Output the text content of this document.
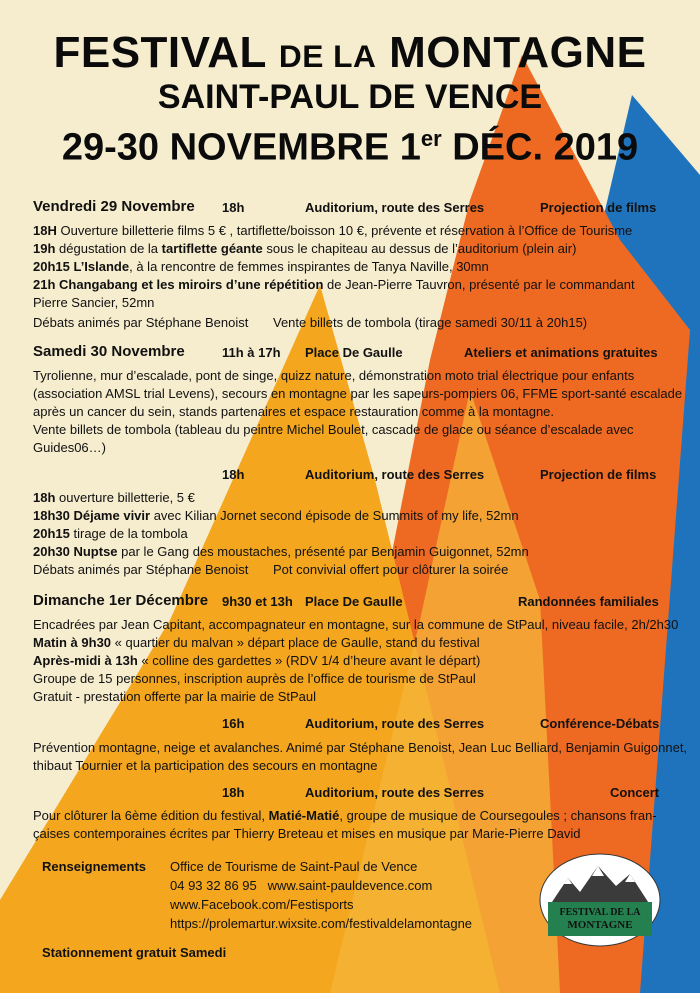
FESTIVAL DE LA MONTAGNE
SAINT-PAUL DE VENCE
29-30 NOVEMBRE 1er DÉC. 2019
Vendredi 29 Novembre 18h	Auditorium, route des Serres	Projection de films
18H Ouverture billetterie films 5 € , tartiflette/boisson 10 €, prévente et réservation à l’Office de Tourisme
19h dégustation de la tartiflette géante sous le chapiteau au dessus de l’auditorium (plein air)
20h15 L’Islande, à la rencontre de femmes inspirantes de Tanya Naville, 30mn
21h Changabang et les miroirs d’une répétition de Jean-Pierre Tauvron, présenté par le commandant
Pierre Sancier, 52mn
Débats animés par Stéphane Benoist Vente billets de tombola (tirage samedi 30/11 à 20h15)
Samedi 30 Novembre	11h à 17h Place De Gaulle	Ateliers et animations gratuites
Tyrolienne, mur d’escalade, pont de singe, quizz nature, démonstration moto trial électrique pour enfants
(association AMSL trial Levens), secours en montagne par les sapeurs-pompiers 06, FFME sport-santé escalade
après un cancer du sein, stands partenaires et espace restauration comme à la montagne.
Vente billets de tombola (tableau du peintre Michel Boulet, cascade de glace ou séance d’escalade avec
Guides06…)
18h	Auditorium, route des Serres	Projection de films
18h ouverture billetterie, 5 €
18h30 Déjame vivir avec Kilian Jornet second épisode de Summits of my life, 52mn
20h15 tirage de la tombola
20h30 Nuptse par le Gang des moustaches, présenté par Benjamin Guigonnet, 52mn
Débats animés par Stéphane Benoist Pot convivial offert pour clôturer la soirée
Dimanche 1er Décembre 9h30 et 13h Place De Gaulle	Randonnées familiales
Encadrées par Jean Capitant, accompagnateur en montagne, sur la commune de StPaul, niveau facile, 2h/2h30
Matin à 9h30 « quartier du malvan » départ place de Gaulle, stand du festival
Après-midi à 13h « colline des gardettes » (RDV 1/4 d’heure avant le départ)
Groupe de 15 personnes, inscription auprès de l’office de tourisme de StPaul
Gratuit - prestation offerte par la mairie de StPaul
16h	Auditorium, route des Serres	Conférence-Débats
Prévention montagne, neige et avalanches. Animé par Stéphane Benoist, Jean Luc Belliard, Benjamin Guigonnet,
thibaut Tournier et la participation des secours en montagne
18h	Auditorium, route des Serres	Concert
Pour clôturer la 6ème édition du festival, Matié-Matié, groupe de musique de Coursegoules ; chansons fran-
çaises contemporaines écrites par Thierry Breteau et mises en musique par Marie-Pierre David
Renseignements Office de Tourisme de Saint-Paul de Vence
04 93 32 86 95 www.saint-pauldevence.com
www.Facebook.com/Festisports
https://prolemartur.wixsite.com/festivaldelamontagne
Stationnement gratuit Samedi
FESTIVAL DE LA
MONTAGNE
